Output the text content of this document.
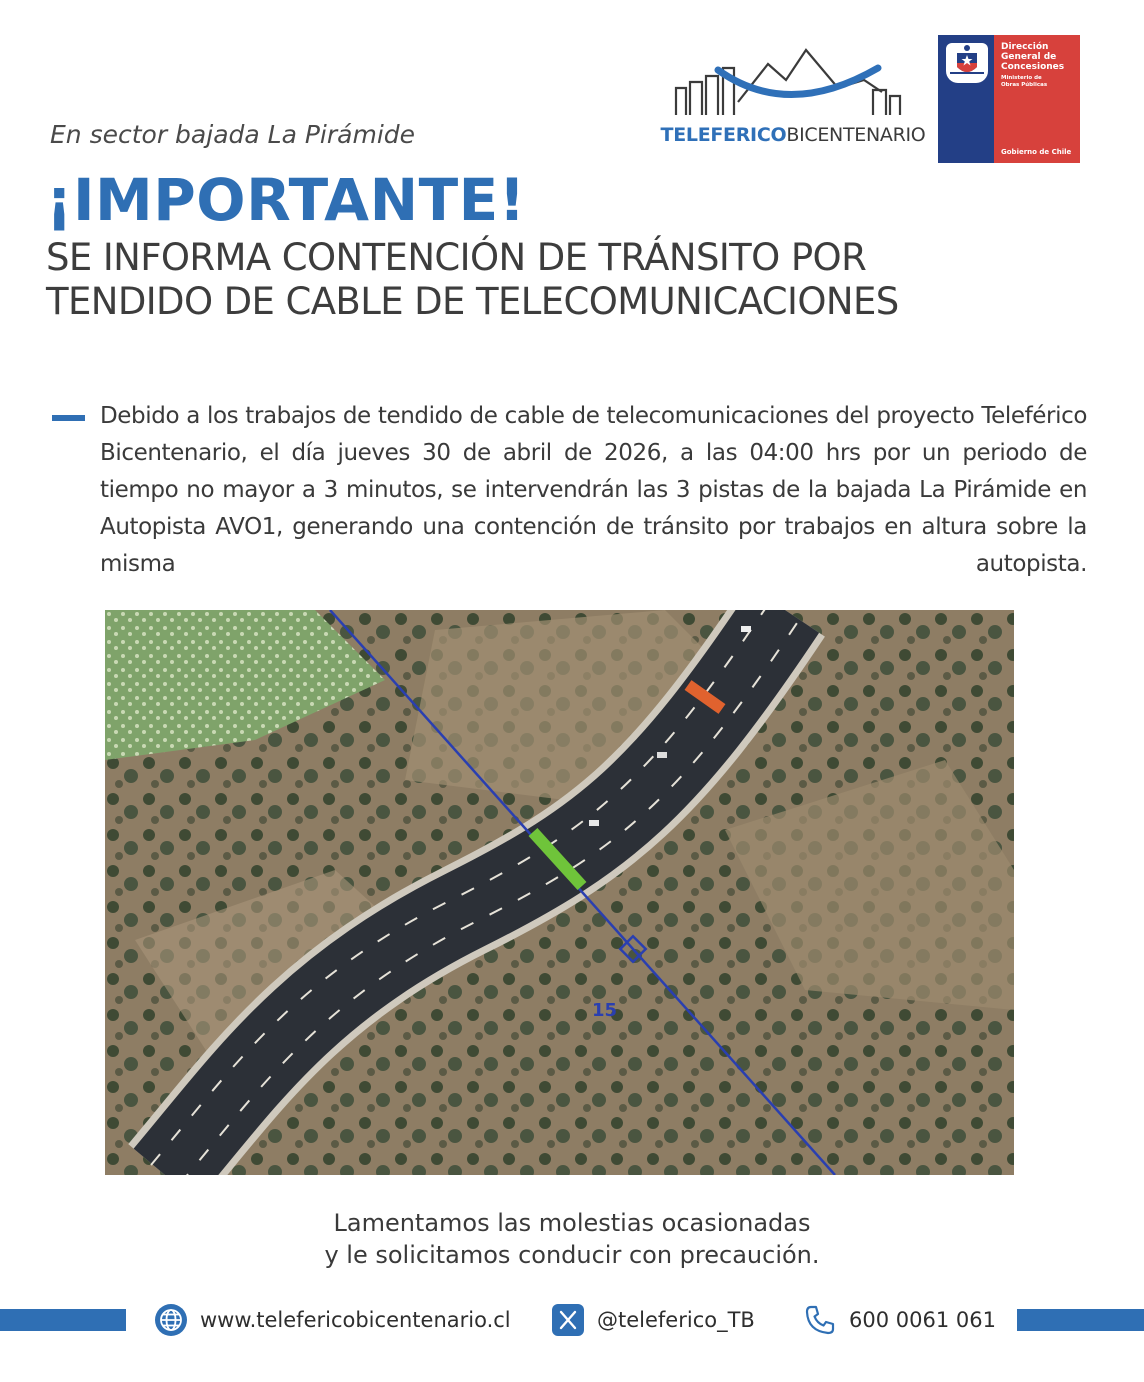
En sector bajada La Pirámide	TELEFERICOBICENTENARIO
Dirección General de Concesiones
Ministerio de Obras Públicas
Gobierno de Chile
¡IMPORTANTE!
SE INFORMA CONTENCIÓN DE TRÁNSITO POR
TENDIDO DE CABLE DE TELECOMUNICACIONES
Debido a los trabajos de tendido de cable de telecomunicaciones del proyecto Teleférico Bicentenario, el día jueves 30 de abril de 2026, a las 04:00 hrs por un periodo de tiempo no mayor a 3 minutos, se intervendrán las 3 pistas de la bajada La Pirámide en Autopista AVO1, generando una contención de tránsito por trabajos en altura sobre la misma autopista.
15
Lamentamos las molestias ocasionadas
y le solicitamos conducir con precaución.
www.telefericobicentenario.cl	@teleferico_TB	600 0061 061
